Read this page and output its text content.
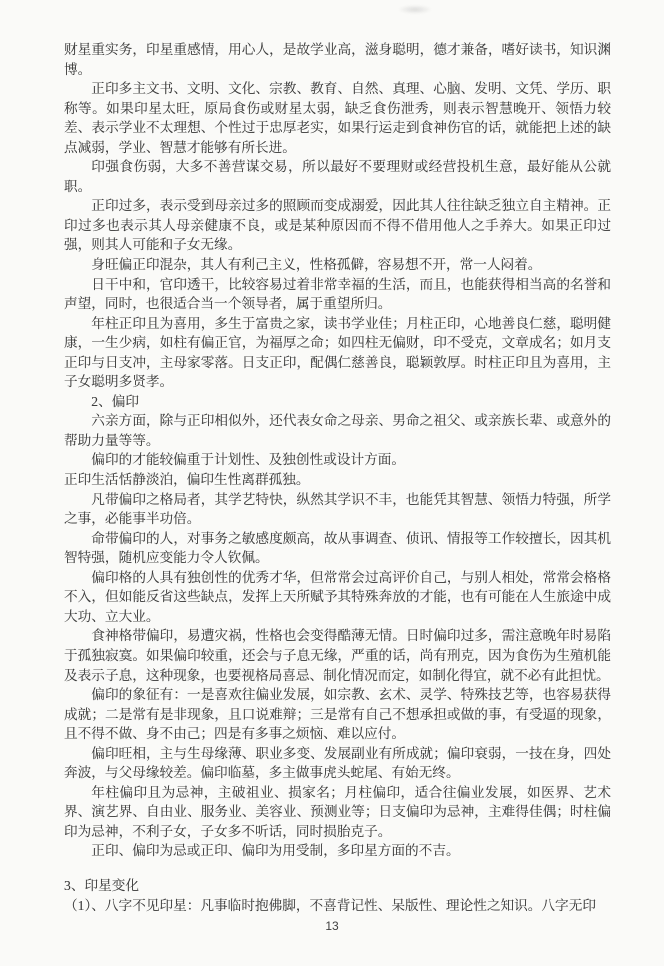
财星重实务，印星重感情，用心人，是故学业高，滋身聪明，德才兼备，嗜好读书，知识渊博。

正印多主文书、文明、文化、宗教、教育、自然、真理、心脑、发明、文凭、学历、职称等。如果印星太旺，原局食伤或财星太弱，缺乏食伤泄秀，则表示智慧晚开、领悟力较差、表示学业不太理想、个性过于忠厚老实，如果行运走到食神伤官的话，就能把上述的缺点减弱，学业、智慧才能够有所长进。

印强食伤弱，大多不善营谋交易，所以最好不要理财或经营投机生意，最好能从公就职。

正印过多，表示受到母亲过多的照顾而变成溺爱，因此其人往往缺乏独立自主精神。正印过多也表示其人母亲健康不良，或是某种原因而不得不借用他人之手养大。如果正印过强，则其人可能和子女无缘。

身旺偏正印混杂，其人有利己主义，性格孤僻，容易想不开，常一人闷着。

日干中和，官印透干，比较容易过着非常幸福的生活，而且，也能获得相当高的名誉和声望，同时，也很适合当一个领导者，属于重望所归。

年柱正印且为喜用，多生于富贵之家，读书学业佳；月柱正印，心地善良仁慈，聪明健康，一生少病，如柱有偏正官，为福厚之命；如四柱无偏财，印不受克，文章成名；如月支正印与日支冲，主母家零落。日支正印，配偶仁慈善良，聪颖敦厚。时柱正印且为喜用，主子女聪明多贤孝。

2、偏印

六亲方面，除与正印相似外，还代表女命之母亲、男命之祖父、或亲族长辈、或意外的帮助力量等等。

偏印的才能较偏重于计划性、及独创性或设计方面。

正印生活恬静淡泊，偏印生性离群孤独。

凡带偏印之格局者，其学艺特快，纵然其学识不丰，也能凭其智慧、领悟力特强，所学之事，必能事半功倍。

命带偏印的人，对事务之敏感度颇高，故从事调查、侦讯、情报等工作较擅长，因其机智特强，随机应变能力令人钦佩。

偏印格的人具有独创性的优秀才华，但常常会过高评价自己，与别人相处，常常会格格不入，但如能反省这些缺点，发挥上天所赋予其特殊奔放的才能，也有可能在人生旅途中成大功、立大业。

食神格带偏印，易遭灾祸，性格也会变得酷薄无情。日时偏印过多，需注意晚年时易陷于孤独寂寞。如果偏印较重，还会与子息无缘，严重的话，尚有刑克，因为食伤为生殖机能及表示子息，这种现象，也要视格局喜忌、制化情况而定，如制化得宜，就不必有此担忧。

偏印的象征有：一是喜欢往偏业发展，如宗教、玄术、灵学、特殊技艺等，也容易获得成就；二是常有是非现象，且口说难辩；三是常有自己不想承担或做的事，有受逼的现象，且不得不做、身不由己；四是有多事之烦恼、难以应付。

偏印旺相，主与生母缘薄、职业多变、发展副业有所成就；偏印衰弱，一技在身，四处奔波，与父母缘较差。偏印临墓，多主做事虎头蛇尾、有始无终。

年柱偏印且为忌神，主破祖业、损家名；月柱偏印，适合往偏业发展，如医界、艺术界、演艺界、自由业、服务业、美容业、预测业等；日支偏印为忌神，主难得佳偶；时柱偏印为忌神，不利子女，子女多不听话，同时损胎克子。

正印、偏印为忌或正印、偏印为用受制，多印星方面的不吉。

3、印星变化

（1）、八字不见印星：凡事临时抱佛脚，不喜背记性、呆版性、理论性之知识。八字无印

13
